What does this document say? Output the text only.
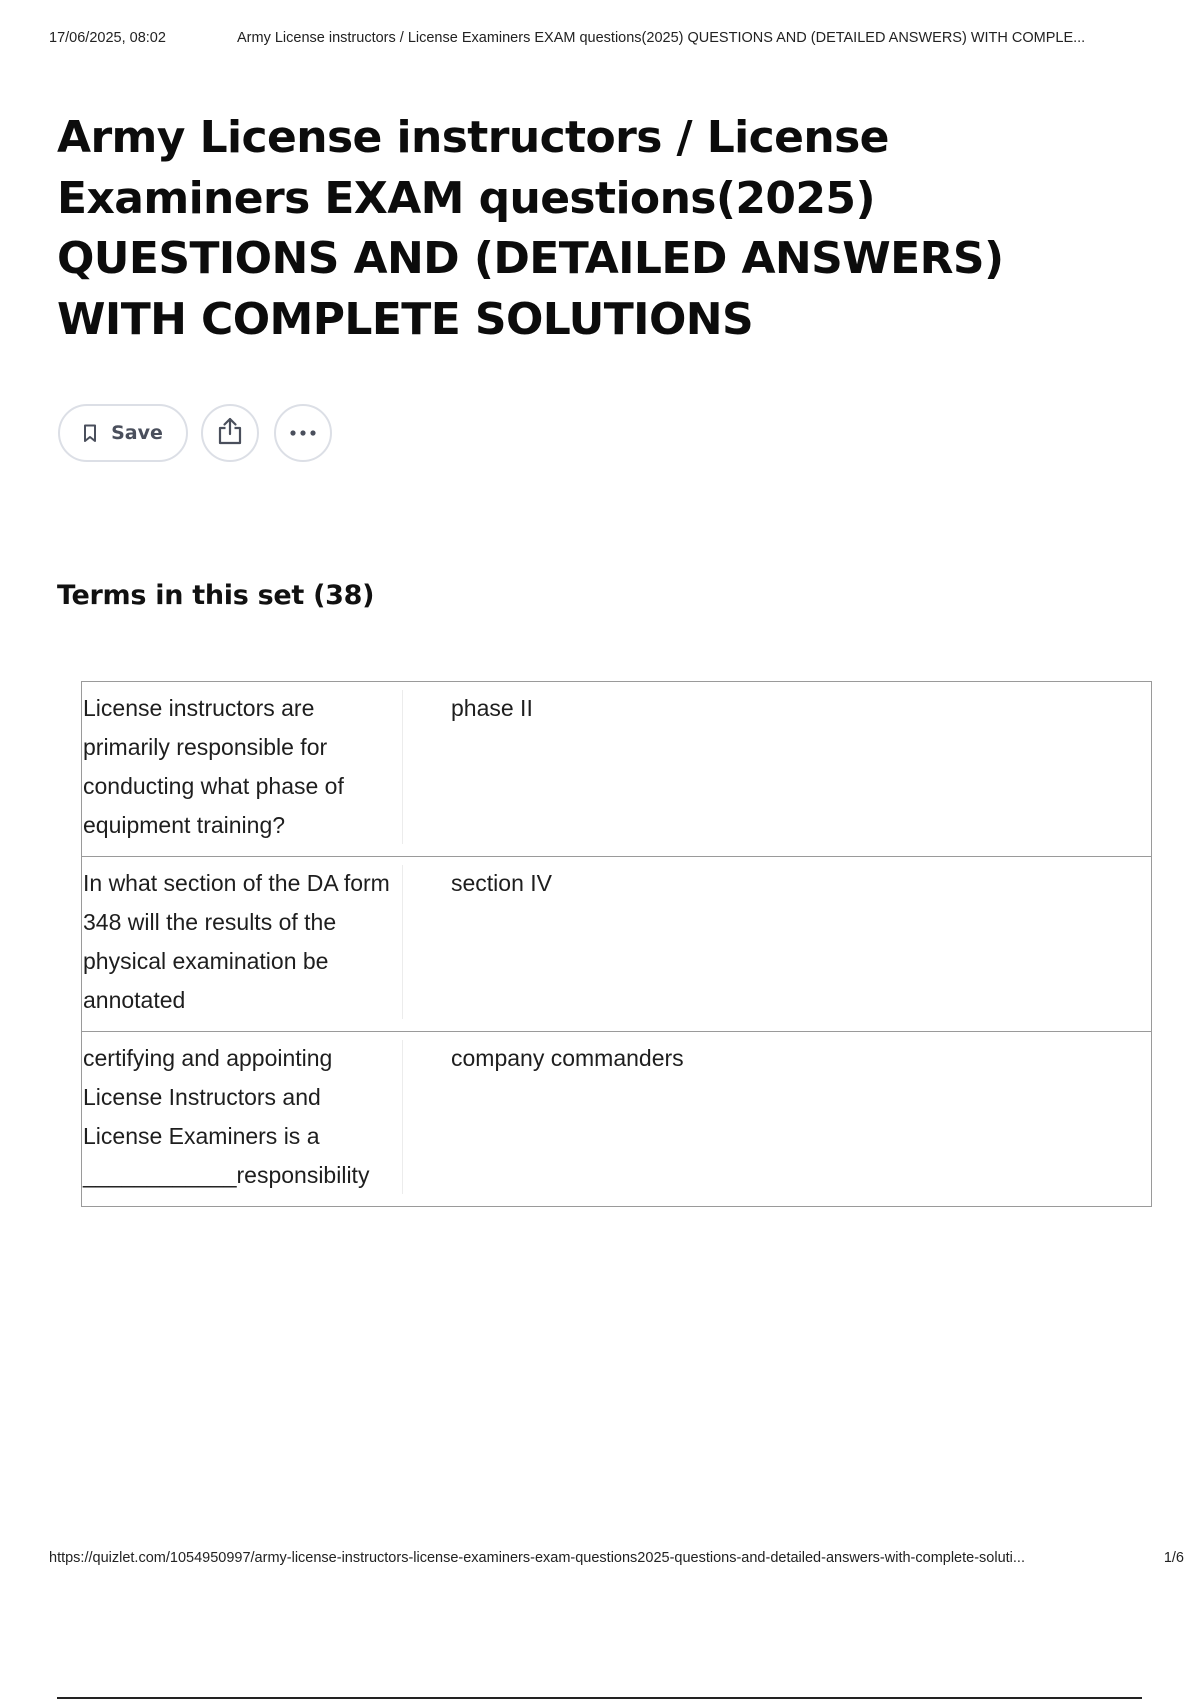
17/06/2025, 08:02	Army License instructors / License Examiners EXAM questions(2025) QUESTIONS AND (DETAILED ANSWERS) WITH COMPLE...
Army License instructors / License Examiners EXAM questions(2025) QUESTIONS AND (DETAILED ANSWERS) WITH COMPLETE SOLUTIONS
Save
Terms in this set (38)
License instructors are primarily responsible for conducting what phase of equipment training?
phase II
In what section of the DA form 348 will the results of the physical examination be annotated
section IV
certifying and appointing License Instructors and License Examiners is a ____________responsibility
company commanders
https://quizlet.com/1054950997/army-license-instructors-license-examiners-exam-questions2025-questions-and-detailed-answers-with-complete-soluti...	1/6
